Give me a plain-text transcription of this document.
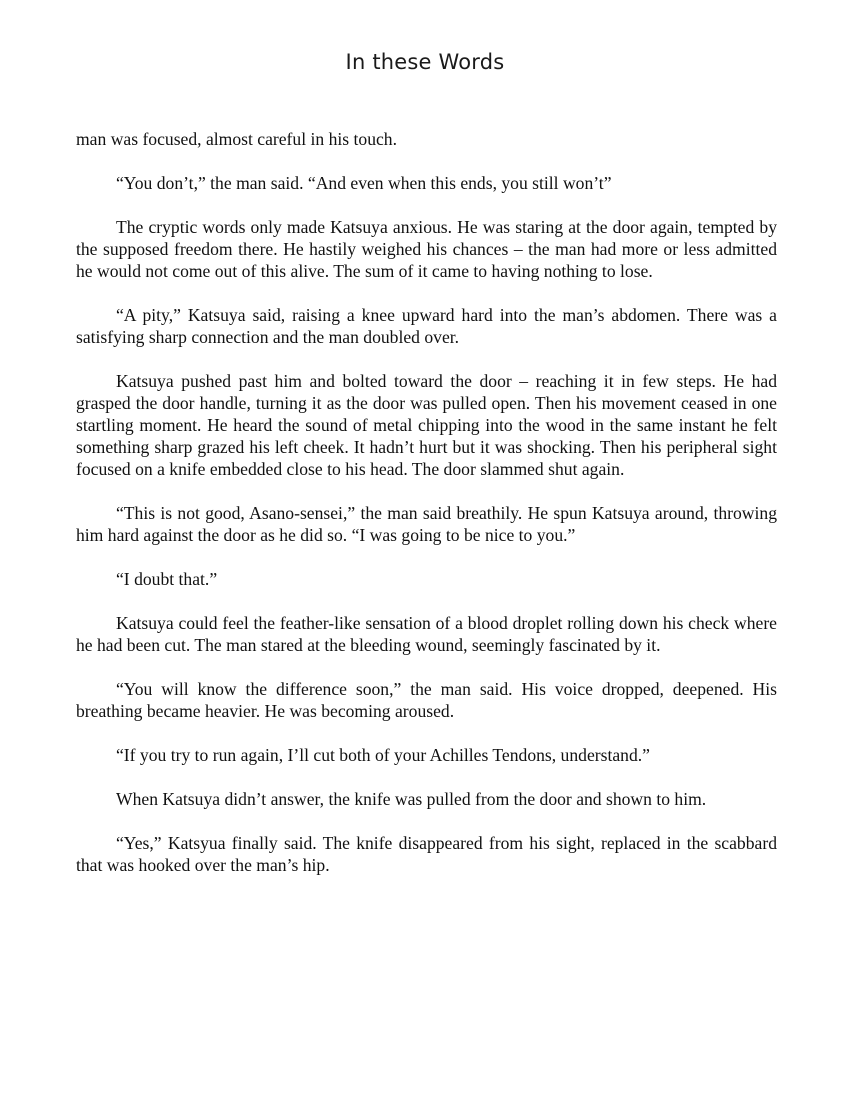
In these Words

man was focused, almost careful in his touch.

“You don’t,” the man said. “And even when this ends, you still won’t”

The cryptic words only made Katsuya anxious. He was staring at the door again, tempted by the supposed freedom there. He hastily weighed his chances – the man had more or less admitted he would not come out of this alive. The sum of it came to having nothing to lose.

“A pity,” Katsuya said, raising a knee upward hard into the man’s abdomen. There was a satisfying sharp connection and the man doubled over.

Katsuya pushed past him and bolted toward the door – reaching it in few steps. He had grasped the door handle, turning it as the door was pulled open. Then his movement ceased in one startling moment. He heard the sound of metal chipping into the wood in the same instant he felt something sharp grazed his left cheek. It hadn’t hurt but it was shocking. Then his peripheral sight focused on a knife embedded close to his head. The door slammed shut again.

“This is not good, Asano-sensei,” the man said breathily. He spun Katsuya around, throwing him hard against the door as he did so. “I was going to be nice to you.”

“I doubt that.”

Katsuya could feel the feather-like sensation of a blood droplet rolling down his check where he had been cut. The man stared at the bleeding wound, seemingly fascinated by it.

“You will know the difference soon,” the man said. His voice dropped, deepened. His breathing became heavier. He was becoming aroused.

“If you try to run again, I’ll cut both of your Achilles Tendons, understand.”

When Katsuya didn’t answer, the knife was pulled from the door and shown to him.

“Yes,” Katsyua finally said. The knife disappeared from his sight, replaced in the scabbard that was hooked over the man’s hip.
